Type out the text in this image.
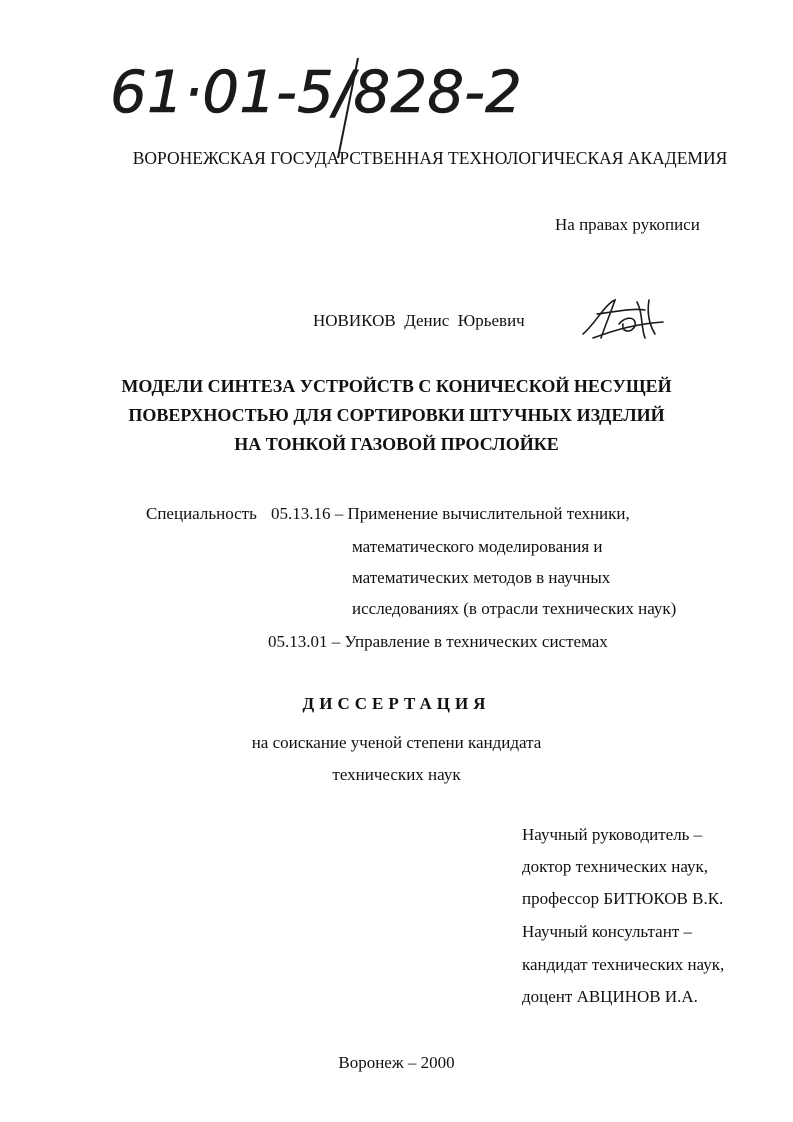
61·01-5/828-2
ВОРОНЕЖСКАЯ ГОСУДАРСТВЕННАЯ ТЕХНОЛОГИЧЕСКАЯ АКАДЕМИЯ
На правах рукописи
НОВИКОВ  Денис  Юрьевич
МОДЕЛИ СИНТЕЗА УСТРОЙСТВ С КОНИЧЕСКОЙ НЕСУЩЕЙ
ПОВЕРХНОСТЬЮ ДЛЯ СОРТИРОВКИ ШТУЧНЫХ ИЗДЕЛИЙ
НА ТОНКОЙ ГАЗОВОЙ ПРОСЛОЙКЕ
Специальность 05.13.16 – Применение вычислительной техники,
математического моделирования и
математических методов в научных
исследованиях (в отрасли технических наук)
05.13.01 – Управление в технических системах
ДИССЕРТАЦИЯ
на соискание ученой степени кандидата
технических наук
Научный руководитель –
доктор технических наук,
профессор БИТЮКОВ В.К.
Научный консультант –
кандидат технических наук,
доцент АВЦИНОВ И.А.
Воронеж – 2000
